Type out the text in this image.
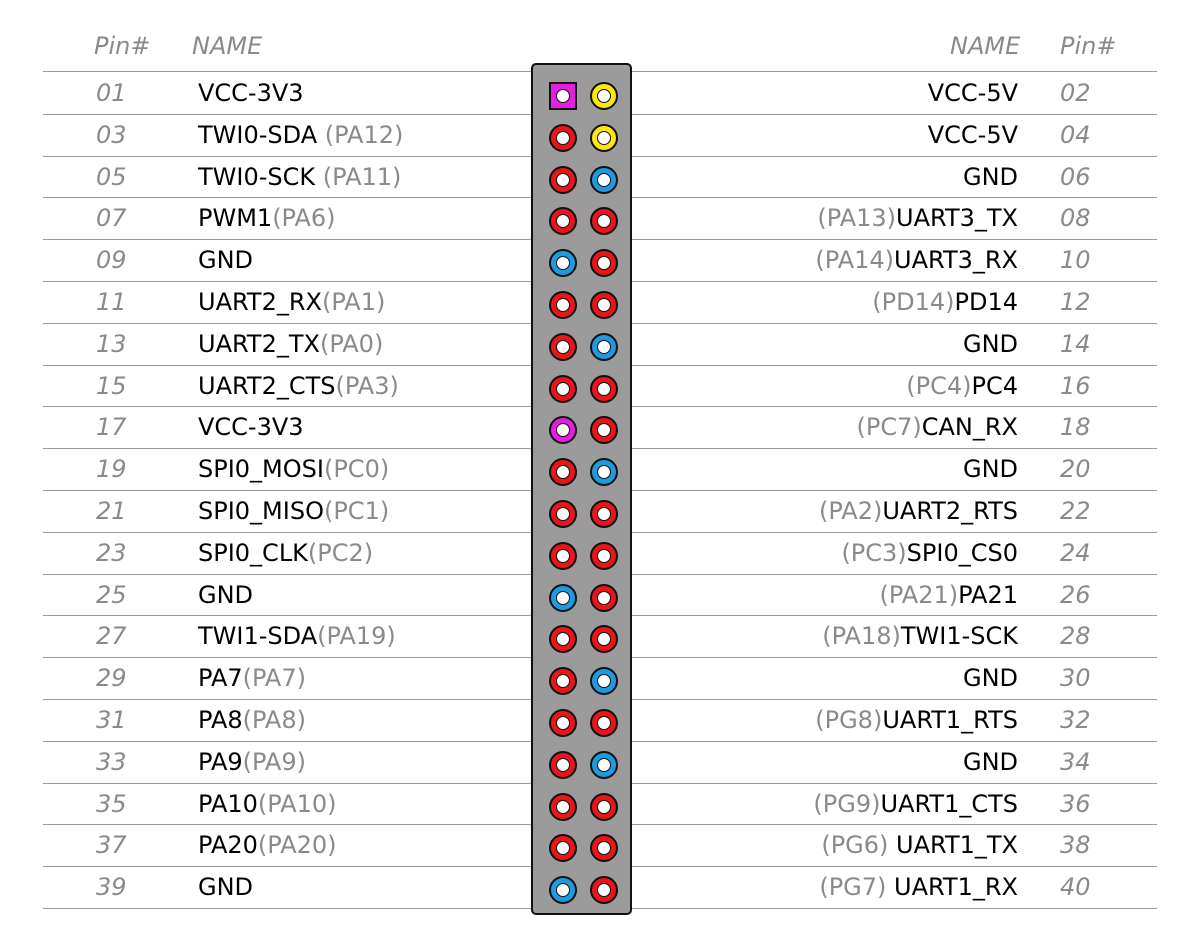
Pin# NAME	NAME Pin#
01	VCC-3V3	VCC-5V 02
03	TWI0-SDA (PA12)	VCC-5V 04
05	TWI0-SCK (PA11)	GND 06
07	PWM1(PA6)	(PA13)UART3_TX 08
09	GND	(PA14)UART3_RX 10
11	UART2_RX(PA1)	(PD14)PD14 12
13	UART2_TX(PA0)	GND 14
15	UART2_CTS(PA3)	(PC4)PC4 16
17	VCC-3V3	(PC7)CAN_RX 18
19	SPI0_MOSI(PC0)	GND 20
21	SPI0_MISO(PC1)	(PA2)UART2_RTS 22
23	SPI0_CLK(PC2)	(PC3)SPI0_CS0 24
25	GND	(PA21)PA21 26
27	TWI1-SDA(PA19)	(PA18)TWI1-SCK 28
29	PA7(PA7)	GND 30
31	PA8(PA8)	(PG8)UART1_RTS 32
33	PA9(PA9)	GND 34
35	PA10(PA10)	(PG9)UART1_CTS 36
37	PA20(PA20)	(PG6) UART1_TX 38
39	GND	(PG7) UART1_RX 40
